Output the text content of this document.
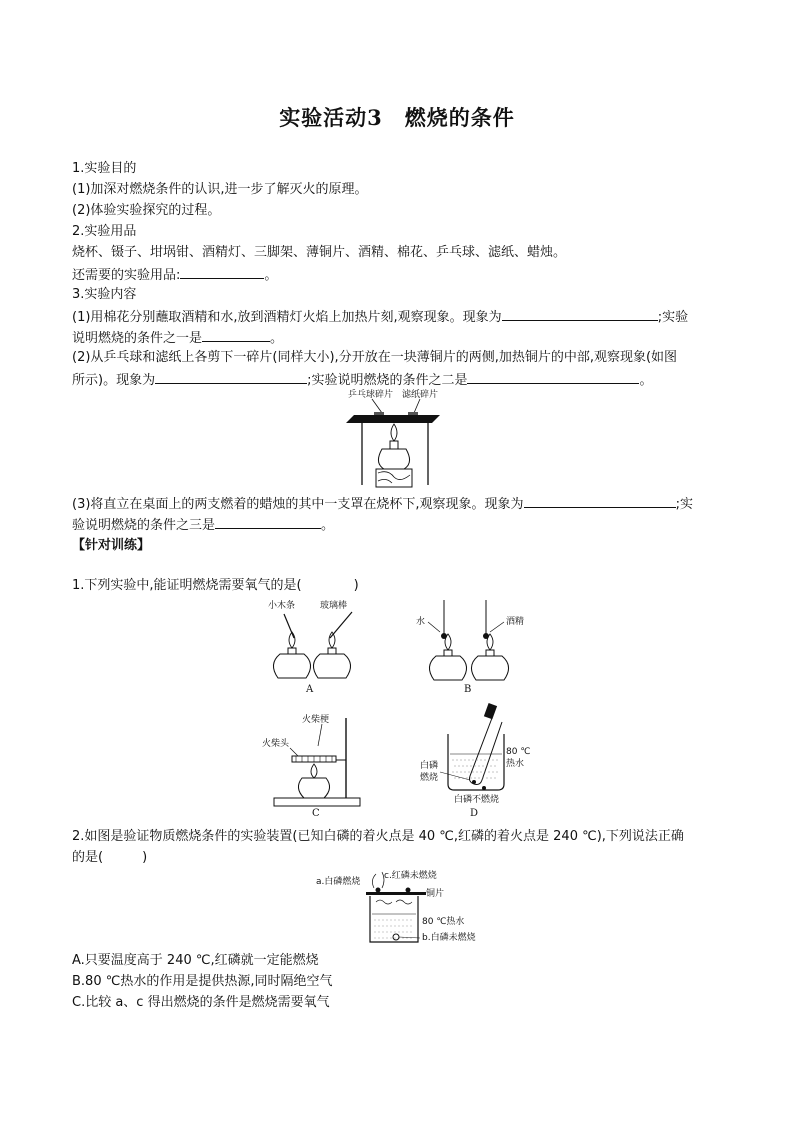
实验活动3　燃烧的条件
1.实验目的
(1)加深对燃烧条件的认识,进一步了解灭火的原理。
(2)体验实验探究的过程。
2.实验用品
烧杯、镊子、坩埚钳、酒精灯、三脚架、薄铜片、酒精、棉花、乒乓球、滤纸、蜡烛。
还需要的实验用品:	。
3.实验内容
(1)用棉花分别蘸取酒精和水,放到酒精灯火焰上加热片刻,观察现象。现象为	;实验
说明燃烧的条件之一是	。
(2)从乒乓球和滤纸上各剪下一碎片(同样大小),分开放在一块薄铜片的两侧,加热铜片的中部,观察现象(如图
所示)。现象为	;实验说明燃烧的条件之二是	。
乒乓球碎片 滤纸碎片
(3)将直立在桌面上的两支燃着的蜡烛的其中一支罩在烧杯下,观察现象。现象为	;实
验说明燃烧的条件之三是	。
【针对训练】
1.下列实验中,能证明燃烧需要氧气的是(　　　　)
小木条	玻璃棒
A
水	酒精
B
火柴梗
火柴头
C
80 ℃
热水
白磷
燃烧
白磷不燃烧
D
2.如图是验证物质燃烧条件的实验装置(已知白磷的着火点是 40 ℃,红磷的着火点是 240 ℃),下列说法正确
的是(　　　)
a.白磷燃烧
c.红磷未燃烧
铜片
80 ℃热水
b.白磷未燃烧
A.只要温度高于 240 ℃,红磷就一定能燃烧
B.80 ℃热水的作用是提供热源,同时隔绝空气
C.比较 a、c 得出燃烧的条件是燃烧需要氧气
